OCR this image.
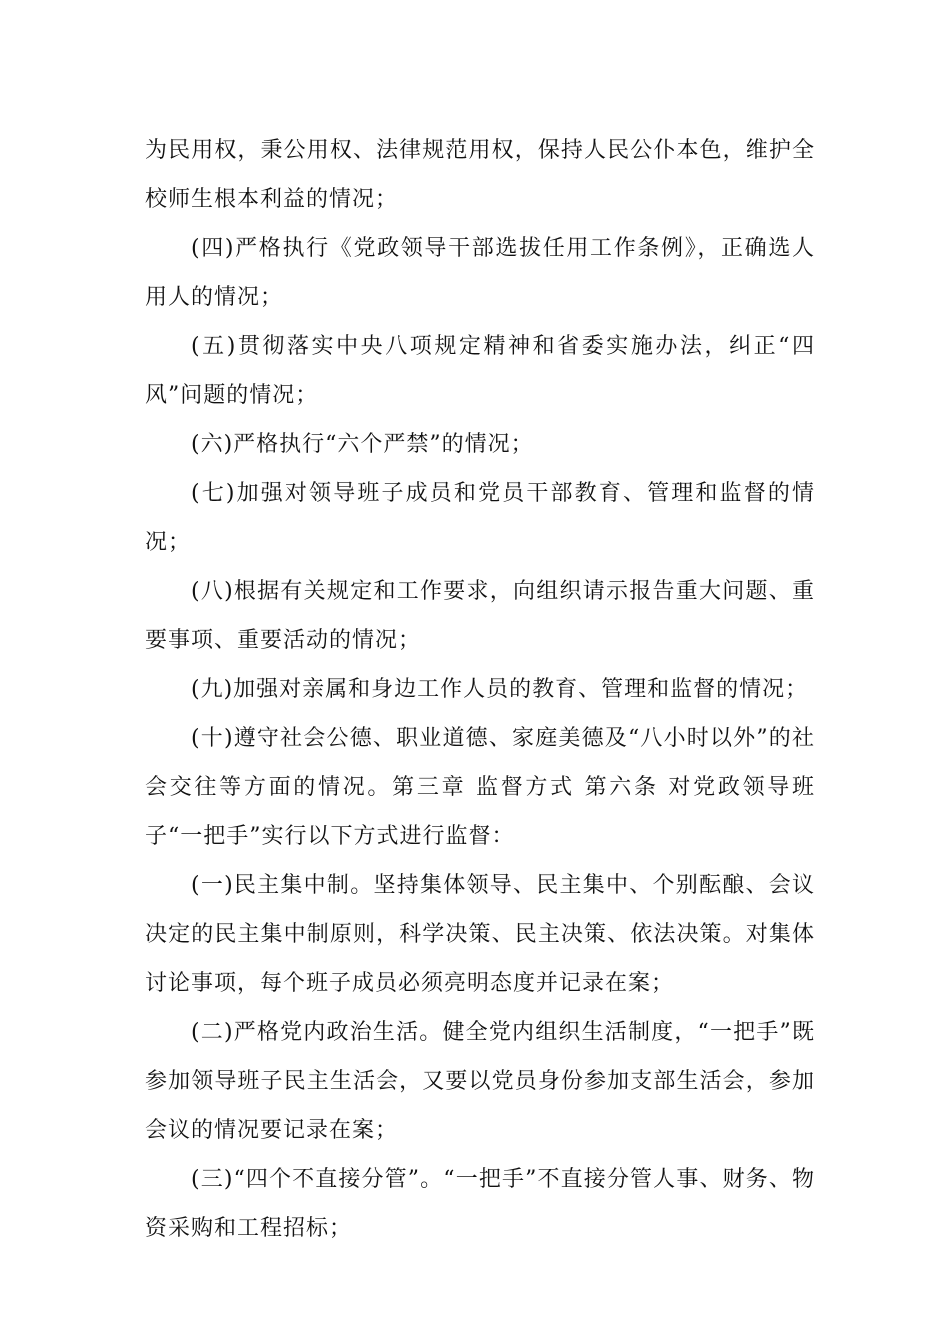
为民用权，秉公用权、法律规范用权，保持人民公仆本色，维护全校师生根本利益的情况；

(四)严格执行《党政领导干部选拔任用工作条例》，正确选人用人的情况；

(五)贯彻落实中央八项规定精神和省委实施办法，纠正“四风”问题的情况；

(六)严格执行“六个严禁”的情况；

(七)加强对领导班子成员和党员干部教育、管理和监督的情况；

(八)根据有关规定和工作要求，向组织请示报告重大问题、重要事项、重要活动的情况；

(九)加强对亲属和身边工作人员的教育、管理和监督的情况；

(十)遵守社会公德、职业道德、家庭美德及“八小时以外”的社会交往等方面的情况。第三章 监督方式 第六条 对党政领导班子“一把手”实行以下方式进行监督：

(一)民主集中制。坚持集体领导、民主集中、个别酝酿、会议决定的民主集中制原则，科学决策、民主决策、依法决策。对集体讨论事项，每个班子成员必须亮明态度并记录在案；

(二)严格党内政治生活。健全党内组织生活制度，“一把手”既参加领导班子民主生活会，又要以党员身份参加支部生活会，参加会议的情况要记录在案；

(三)“四个不直接分管”。“一把手”不直接分管人事、财务、物资采购和工程招标；
